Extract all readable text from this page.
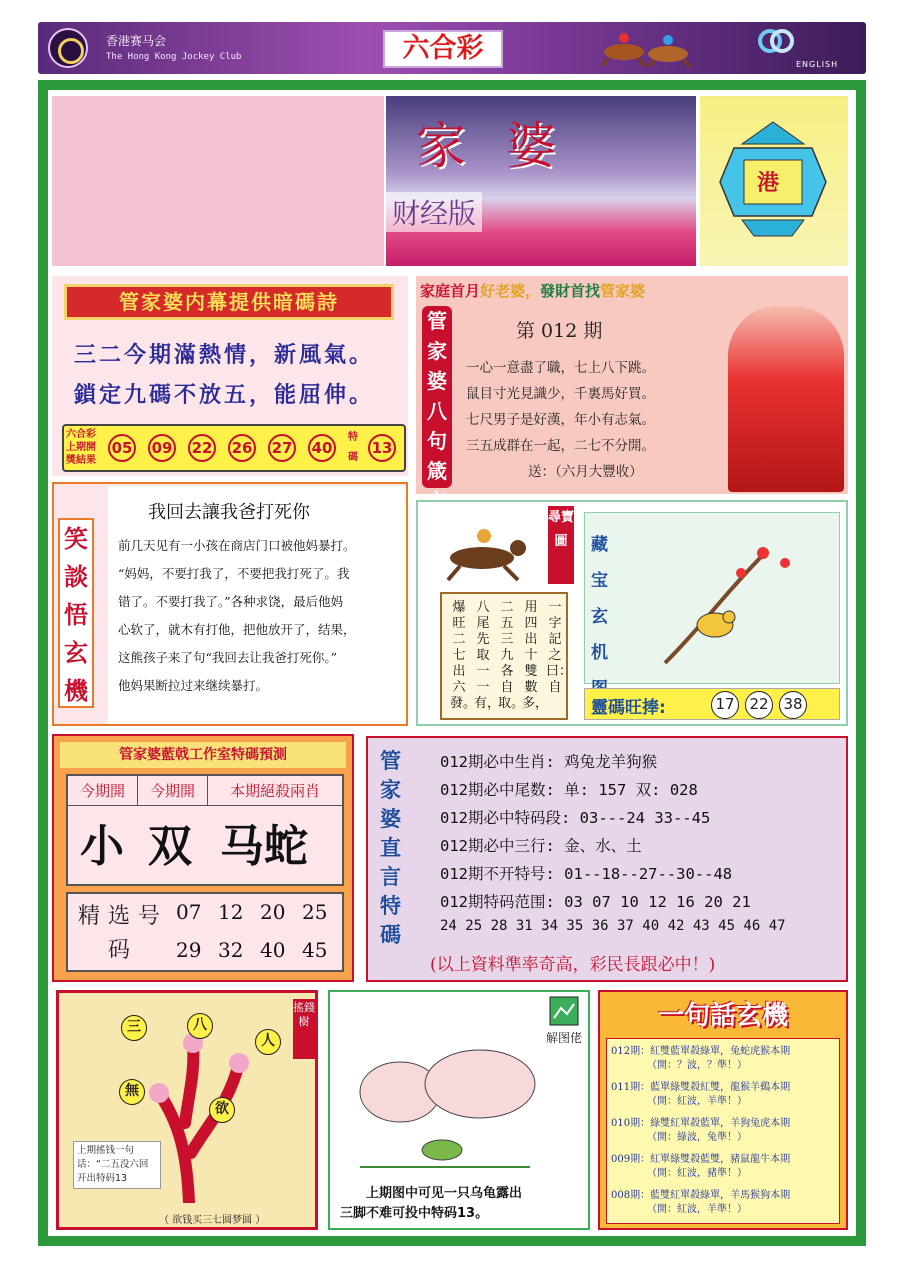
香港赛马会
The Hong Kong Jockey Club	六合彩
ENGLISH
家婆
财经版
港
管家婆内幕提供暗碼詩
三二今期滿熱情，新風氣。
鎖定九碼不放五，能屈伸。
六合彩上期開獎結果
05 09 22 26 27 40
特碼
13
家庭首月好老婆，發財首找管家婆
管家婆八句箴
第 012 期
一心一意盡了職，七上八下跳。
鼠目寸光見識少，千裏馬好買。
七尺男子是好漢，年小有志氣。
三五成群在一起，二七不分開。
送：（六月大豐收）
笑談悟玄機
我回去讓我爸打死你
前几天见有一小孩在商店门口被他妈暴打。
“妈妈，不要打我了，不要把我打死了。我
错了。不要打我了。”各种求饶，最后他妈
心软了，就木有打他，把他放开了，结果，
这熊孩子来了句“我回去让我爸打死你。”
他妈果断拉过来继续暴打。
一字記之曰：自
用四出十雙數多，
二五三九各自取。
八尾先取一一有，
爆旺二七出六發。
尋寶圖	藏宝玄机
靈碼旺捧:	17 22 38
管家婆藍戟工作室特碼預測
今期開	今期開	本期絕殺兩肖
小 双 马蛇
精选号码
07 12 20 25
29 32 40 45
管家婆直言特碼
012期必中生肖: 鸡兔龙羊狗猴
012期必中尾数: 单: 157 双: 028
012期必中特码段: 03---24 33--45
012期必中三行: 金、水、土
012期不开特号: 01--18--27--30--48
012期特码范围: 03 07 10 12 16 20 21
24 25 28 31 34 35 36 37 40 42 43 45 46 47
(以上資料準率奇高，彩民長跟必中！)
搖錢樹
三	八
人
無
欲
上期搖钱一句话：“二五没六回 开出特码13
（ 欲钱买三七圆梦圆 ）
解图佬
上期图中可见一只乌龟露出
三脚不难可投中特码13。
一句話玄機
012期：紅雙藍單殺綠單，兔蛇虎猴本期
（開：？波，？準！）
011期：藍單綠雙殺紅雙，龍猴羊鷄本期
（開：紅波，羊準！）
010期：綠雙紅單殺藍單，羊狗兔虎本期
（開：綠波，兔準！）
009期：紅單綠雙殺藍雙，豬鼠龍牛本期
（開：紅波，豬準！）
008期：藍雙紅單殺綠單，羊馬猴狗本期
（開：紅波，羊準！）
